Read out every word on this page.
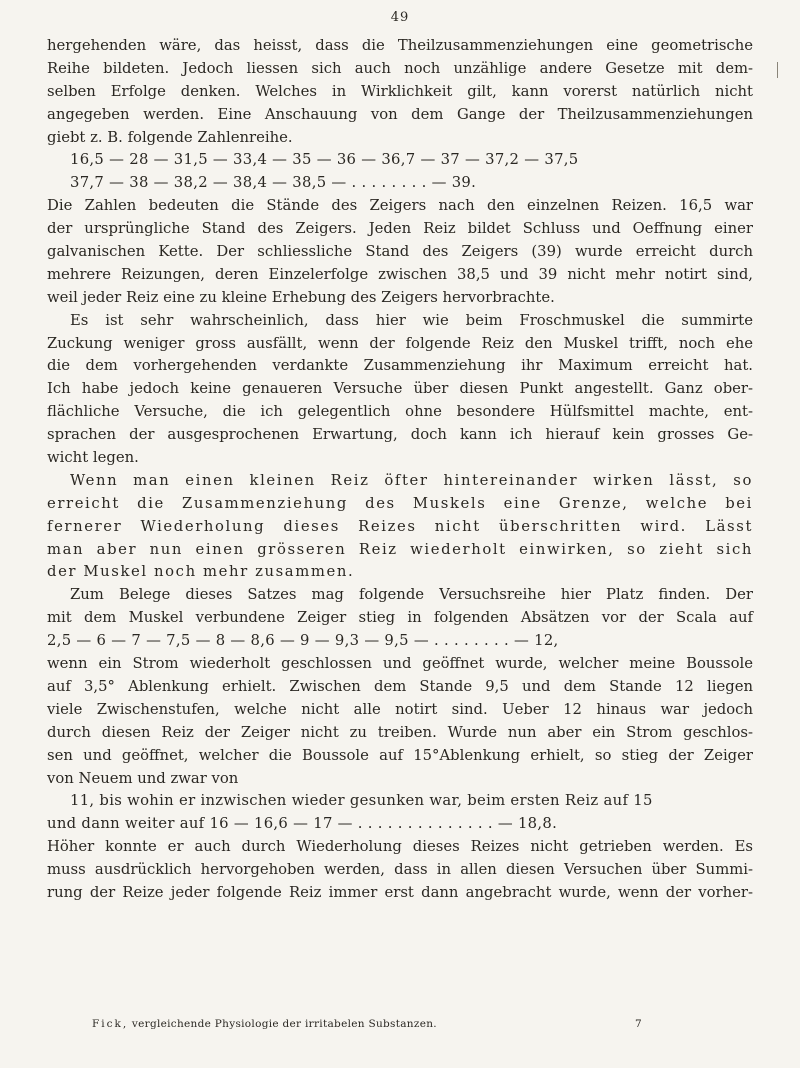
49
hergehenden wäre, das heisst, dass die Theilzusammenziehungen eine geometrische
Reihe bildeten. Jedoch liessen sich auch noch unzählige andere Gesetze mit dem-
selben Erfolge denken. Welches in Wirklichkeit gilt, kann vorerst natürlich nicht
angegeben werden. Eine Anschauung von dem Gange der Theilzusammenziehungen
giebt z. B. folgende Zahlenreihe.
16,5 — 28 — 31,5 — 33,4 — 35 — 36 — 36,7 — 37 — 37,2 — 37,5
37,7 — 38 — 38,2 — 38,4 — 38,5 — . . . . . . . . — 39.
Die Zahlen bedeuten die Stände des Zeigers nach den einzelnen Reizen. 16,5 war
der ursprüngliche Stand des Zeigers. Jeden Reiz bildet Schluss und Oeffnung einer
galvanischen Kette. Der schliessliche Stand des Zeigers (39) wurde erreicht durch
mehrere Reizungen, deren Einzelerfolge zwischen 38,5 und 39 nicht mehr notirt sind,
weil jeder Reiz eine zu kleine Erhebung des Zeigers hervorbrachte.
Es ist sehr wahrscheinlich, dass hier wie beim Froschmuskel die summirte
Zuckung weniger gross ausfällt, wenn der folgende Reiz den Muskel trifft, noch ehe
die dem vorhergehenden verdankte Zusammenziehung ihr Maximum erreicht hat.
Ich habe jedoch keine genaueren Versuche über diesen Punkt angestellt. Ganz ober-
flächliche Versuche, die ich gelegentlich ohne besondere Hülfsmittel machte, ent-
sprachen der ausgesprochenen Erwartung, doch kann ich hierauf kein grosses Ge-
wicht legen.
Wenn man einen kleinen Reiz öfter hintereinander wirken lässt, so
erreicht die Zusammenziehung des Muskels eine Grenze, welche bei
fernerer Wiederholung dieses Reizes nicht überschritten wird. Lässt
man aber nun einen grösseren Reiz wiederholt einwirken, so zieht sich
der Muskel noch mehr zusammen.
Zum Belege dieses Satzes mag folgende Versuchsreihe hier Platz finden. Der
mit dem Muskel verbundene Zeiger stieg in folgenden Absätzen vor der Scala auf
2,5 — 6 — 7 — 7,5 — 8 — 8,6 — 9 — 9,3 — 9,5 — . . . . . . . . — 12,
wenn ein Strom wiederholt geschlossen und geöffnet wurde, welcher meine Boussole
auf 3,5° Ablenkung erhielt. Zwischen dem Stande 9,5 und dem Stande 12 liegen
viele Zwischenstufen, welche nicht alle notirt sind. Ueber 12 hinaus war jedoch
durch diesen Reiz der Zeiger nicht zu treiben. Wurde nun aber ein Strom geschlos-
sen und geöffnet, welcher die Boussole auf 15°Ablenkung erhielt, so stieg der Zeiger
von Neuem und zwar von
11, bis wohin er inzwischen wieder gesunken war, beim ersten Reiz auf 15
und dann weiter auf 16 — 16,6 — 17 — . . . . . . . . . . . . . . — 18,8.
Höher konnte er auch durch Wiederholung dieses Reizes nicht getrieben werden. Es
muss ausdrücklich hervorgehoben werden, dass in allen diesen Versuchen über Summi-
rung der Reize jeder folgende Reiz immer erst dann angebracht wurde, wenn der vorher-
Fick, vergleichende Physiologie der irritabelen Substanzen.	7
